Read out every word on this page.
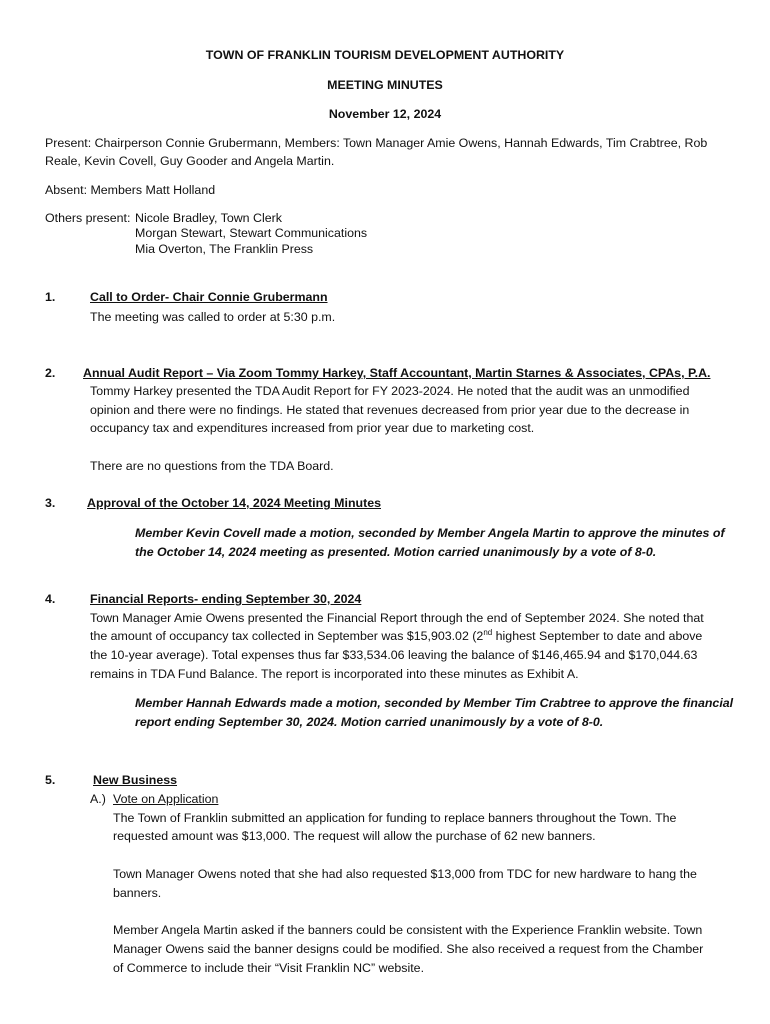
TOWN OF FRANKLIN TOURISM DEVELOPMENT AUTHORITY
MEETING MINUTES
November 12, 2024
Present: Chairperson Connie Grubermann, Members: Town Manager Amie Owens, Hannah Edwards, Tim Crabtree, Rob
Reale, Kevin Covell, Guy Gooder and Angela Martin.
Absent: Members Matt Holland
Others present: Nicole Bradley, Town Clerk
Morgan Stewart, Stewart Communications
Mia Overton, The Franklin Press
1.	Call to Order- Chair Connie Grubermann
The meeting was called to order at 5:30 p.m.
2. Annual Audit Report – Via Zoom Tommy Harkey, Staff Accountant, Martin Starnes & Associates, CPAs, P.A.
Tommy Harkey presented the TDA Audit Report for FY 2023-2024. He noted that the audit was an unmodified
opinion and there were no findings. He stated that revenues decreased from prior year due to the decrease in
occupancy tax and expenditures increased from prior year due to marketing cost.
There are no questions from the TDA Board.
3.	Approval of the October 14, 2024 Meeting Minutes
Member Kevin Covell made a motion, seconded by Member Angela Martin to approve the minutes of
the October 14, 2024 meeting as presented. Motion carried unanimously by a vote of 8-0.
4.	Financial Reports- ending September 30, 2024
Town Manager Amie Owens presented the Financial Report through the end of September 2024. She noted that
the amount of occupancy tax collected in September was $15,903.02 (2nd highest September to date and above
the 10-year average). Total expenses thus far $33,534.06 leaving the balance of $146,465.94 and $170,044.63
remains in TDA Fund Balance. The report is incorporated into these minutes as Exhibit A.
Member Hannah Edwards made a motion, seconded by Member Tim Crabtree to approve the financial
report ending September 30, 2024. Motion carried unanimously by a vote of 8-0.
5.	New Business
A.) Vote on Application
The Town of Franklin submitted an application for funding to replace banners throughout the Town. The
requested amount was $13,000. The request will allow the purchase of 62 new banners.
Town Manager Owens noted that she had also requested $13,000 from TDC for new hardware to hang the
banners.
Member Angela Martin asked if the banners could be consistent with the Experience Franklin website. Town
Manager Owens said the banner designs could be modified. She also received a request from the Chamber
of Commerce to include their “Visit Franklin NC” website.
